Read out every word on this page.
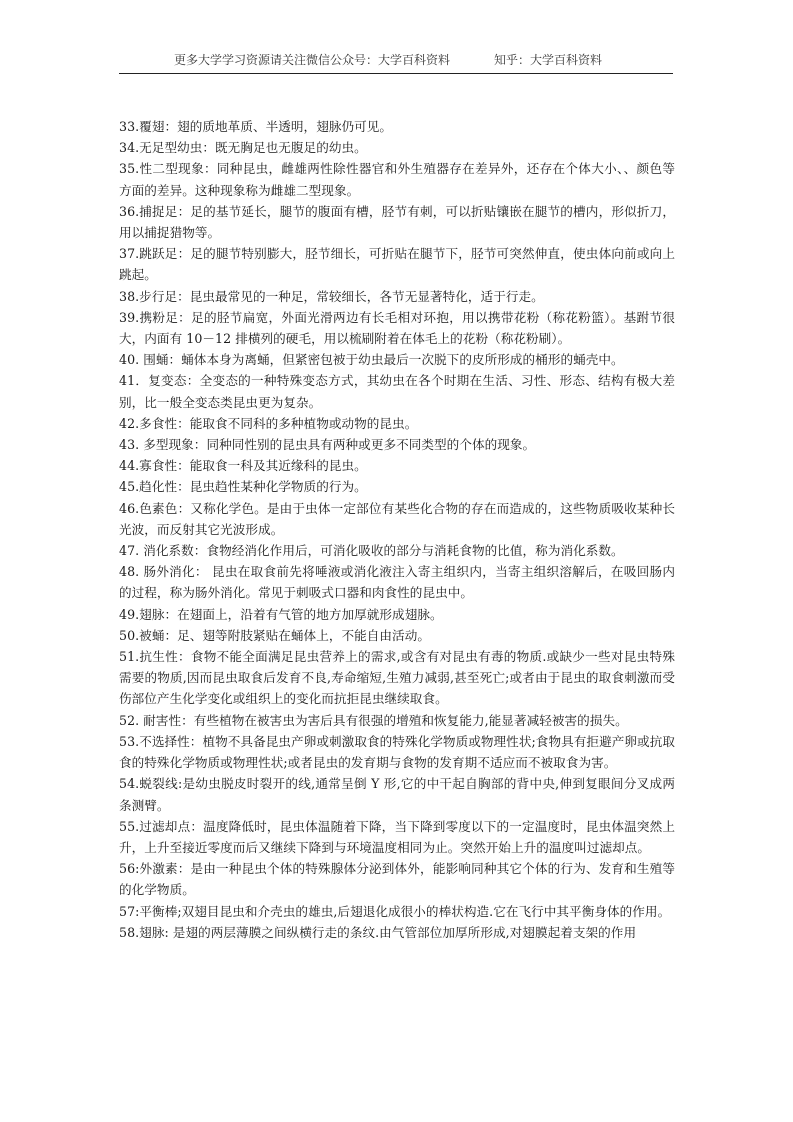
更多大学学习资源请关注微信公众号：大学百科资料	知乎：大学百科资料

33.覆翅：翅的质地革质、半透明，翅脉仍可见。

34.无足型幼虫：既无胸足也无腹足的幼虫。

35.性二型现象：同种昆虫，雌雄两性除性器官和外生殖器存在差异外，还存在个体大小、、颜色等方面的差异。这种现象称为雌雄二型现象。

36.捕捉足：足的基节延长，腿节的腹面有槽，胫节有刺，可以折贴镶嵌在腿节的槽内，形似折刀，用以捕捉猎物等。

37.跳跃足：足的腿节特别膨大，胫节细长，可折贴在腿节下，胫节可突然伸直，使虫体向前或向上跳起。

38.步行足：昆虫最常见的一种足，常较细长，各节无显著特化，适于行走。

39.携粉足：足的胫节扁宽，外面光滑两边有长毛相对环抱，用以携带花粉（称花粉篮）。基跗节很大，内面有 10－12 排横列的硬毛，用以梳刷附着在体毛上的花粉（称花粉刷）。

40. 围蛹：蛹体本身为离蛹，但紧密包被于幼虫最后一次脱下的皮所形成的桶形的蛹壳中。

41．复变态：全变态的一种特殊变态方式，其幼虫在各个时期在生活、习性、形态、结构有极大差别，比一般全变态类昆虫更为复杂。

42.多食性：能取食不同科的多种植物或动物的昆虫。

43. 多型现象：同种同性别的昆虫具有两种或更多不同类型的个体的现象。

44.寡食性：能取食一科及其近缘科的昆虫。

45.趋化性：昆虫趋性某种化学物质的行为。

46.色素色：又称化学色。是由于虫体一定部位有某些化合物的存在而造成的，这些物质吸收某种长光波，而反射其它光波形成。

47. 消化系数：食物经消化作用后，可消化吸收的部分与消耗食物的比值，称为消化系数。

48. 肠外消化： 昆虫在取食前先将唾液或消化液注入寄主组织内，当寄主组织溶解后，在吸回肠内的过程，称为肠外消化。常见于刺吸式口器和肉食性的昆虫中。

49.翅脉：在翅面上，沿着有气管的地方加厚就形成翅脉。

50.被蛹：足、翅等附肢紧贴在蛹体上，不能自由活动。

51.抗生性：食物不能全面满足昆虫营养上的需求,或含有对昆虫有毒的物质.或缺少一些对昆虫特殊需要的物质,因而昆虫取食后发育不良,寿命缩短,生殖力减弱,甚至死亡;或者由于昆虫的取食刺激而受伤部位产生化学变化或组织上的变化而抗拒昆虫继续取食。

52. 耐害性：有些植物在被害虫为害后具有很强的增殖和恢复能力,能显著减轻被害的损失。

53.不选择性：植物不具备昆虫产卵或刺激取食的特殊化学物质或物理性状;食物具有拒避产卵或抗取食的特殊化学物质或物理性状;或者昆虫的发育期与食物的发育期不适应而不被取食为害。

54.蜕裂线:是幼虫脱皮时裂开的线,通常呈倒 Y 形,它的中干起自胸部的背中央,伸到复眼间分叉成两条测臂。

55.过滤却点：温度降低时，昆虫体温随着下降，当下降到零度以下的一定温度时，昆虫体温突然上升，上升至接近零度而后又继续下降到与环境温度相同为止。突然开始上升的温度叫过滤却点。

56:外激素：是由一种昆虫个体的特殊腺体分泌到体外，能影响同种其它个体的行为、发育和生殖等的化学物质。

57:平衡棒;双翅目昆虫和介壳虫的雄虫,后翅退化成很小的棒状构造.它在飞行中其平衡身体的作用。

58.翅脉: 是翅的两层薄膜之间纵横行走的条纹.由气管部位加厚所形成,对翅膜起着支架的作用
